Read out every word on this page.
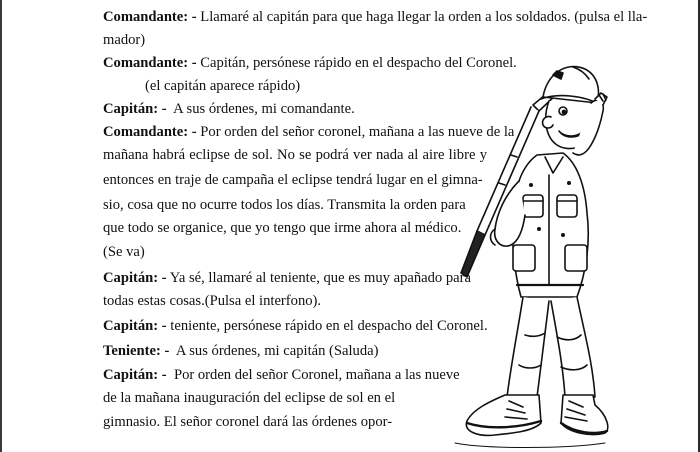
Comandante: - Llamaré al capitán para que haga llegar la orden a los soldados. (pulsa el lla-
mador)
Comandante: - Capitán, persónese rápido en el despacho del Coronel.
(el capitán aparece rápido)
Capitán: -  A sus órdenes, mi comandante.
Comandante: - Por orden del señor coronel, mañana a las nueve de la
mañana habrá eclipse de sol. No se podrá ver nada al aire libre y
entonces en traje de campaña el eclipse tendrá lugar en el gimna-
sio, cosa que no ocurre todos los días. Transmita la orden para
que todo se organice, que yo tengo que irme ahora al médico.
(Se va)
Capitán: - Ya sé, llamaré al teniente, que es muy apañado para
todas estas cosas.(Pulsa el interfono).
Capitán: - teniente, persónese rápido en el despacho del Coronel.
Teniente: -  A sus órdenes, mi capitán (Saluda)
Capitán: -  Por orden del señor Coronel, mañana a las nueve
de la mañana inauguración del eclipse de sol en el
gimnasio. El señor coronel dará las órdenes opor-
